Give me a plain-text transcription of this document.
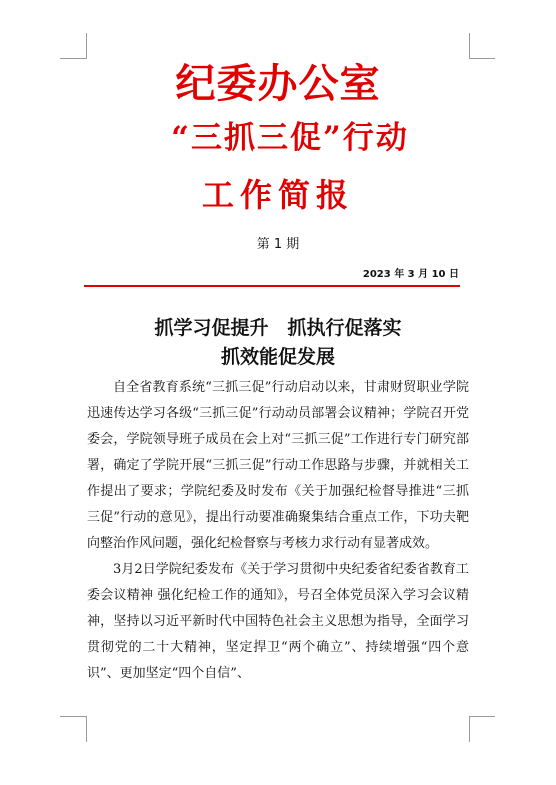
纪委办公室
“三抓三促”行动
工作简报
第 1 期
2023 年 3 月 10 日
抓学习促提升　抓执行促落实
抓效能促发展

自全省教育系统“三抓三促”行动启动以来，甘肃财贸职业学院迅速传达学习各级“三抓三促”行动动员部署会议精神；学院召开党委会，学院领导班子成员在会上对“三抓三促”工作进行专门研究部署，确定了学院开展“三抓三促”行动工作思路与步骤，并就相关工作提出了要求；学院纪委及时发布《关于加强纪检督导推进“三抓三促”行动的意见》，提出行动要准确聚集结合重点工作，下功夫靶向整治作风问题，强化纪检督察与考核力求行动有显著成效。

3月2日学院纪委发布《关于学习贯彻中央纪委省纪委省教育工委会议精神 强化纪检工作的通知》，号召全体党员深入学习会议精神，坚持以习近平新时代中国特色社会主义思想为指导，全面学习贯彻党的二十大精神，坚定捍卫“两个确立”、持续增强“四个意识”、更加坚定“四个自信”、
